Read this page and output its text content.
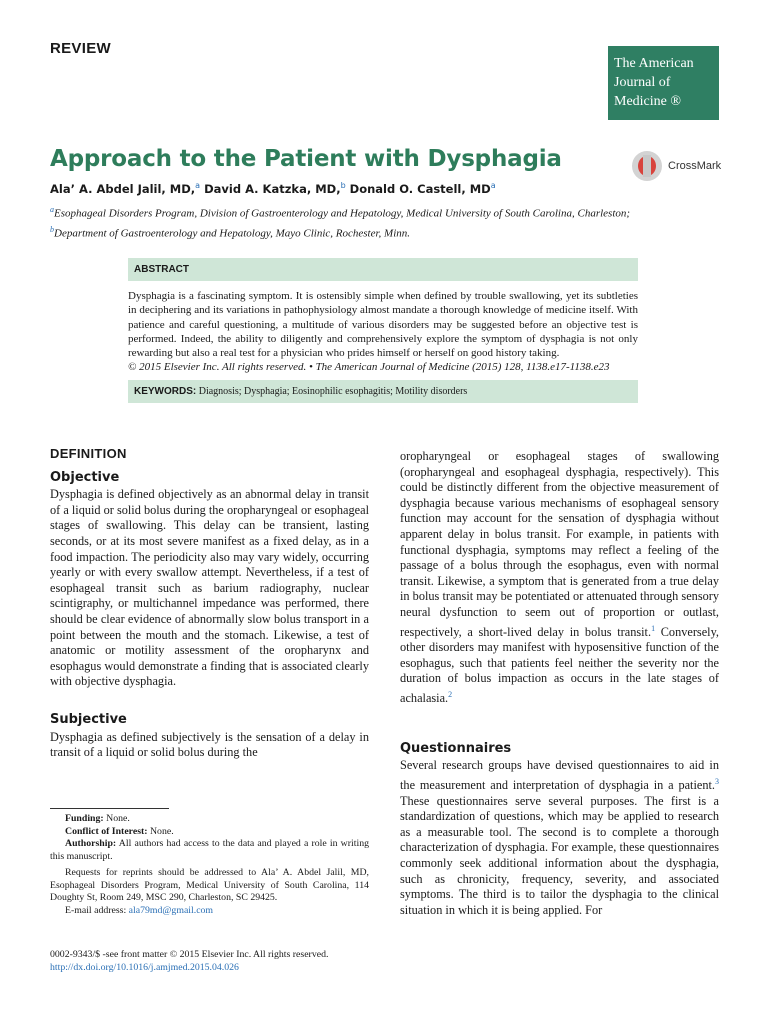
REVIEW
The American
Journal of
Medicine ®
Approach to the Patient with Dysphagia	CrossMark
Ala’ A. Abdel Jalil, MD,$^a$ David A. Katzka, MD,$^b$ Donald O. Castell, $MD^a$
$^a$Esophageal Disorders Program, Division of Gastroenterology and Hepatology, Medical University of South Carolina, Charleston;
$^b$Department of Gastroenterology and Hepatology, Mayo Clinic, Rochester, Minn.
ABSTRACT
Dysphagia is a fascinating symptom. It is ostensibly simple when defined by trouble swallowing, yet its subtleties in deciphering and its variations in pathophysiology almost mandate a thorough knowledge of medicine itself. With patience and careful questioning, a multitude of various disorders may be suggested before an objective test is performed. Indeed, the ability to diligently and comprehensively explore the symptom of dysphagia is not only rewarding but also a real test for a physician who prides himself or herself on good history taking.
© 2015 Elsevier Inc. All rights reserved. • The American Journal of Medicine (2015) 128, 1138.e17-1138.e23
KEYWORDS: Diagnosis; Dysphagia; Eosinophilic esophagitis; Motility disorders
DEFINITION
Objective

Dysphagia is defined objectively as an abnormal delay in transit of a liquid or solid bolus during the oropharyngeal or esophageal stages of swallowing. This delay can be transient, lasting seconds, or at its most severe manifest as a fixed delay, as in a food impaction. The periodicity also may vary widely, occurring yearly or with every swallow attempt. Nevertheless, if a test of esophageal transit such as barium radiography, nuclear scintigraphy, or multichannel impedance was performed, there should be clear evidence of abnormally slow bolus transport in a point between the mouth and the stomach. Likewise, a test of anatomic or motility assessment of the oropharynx and esophagus would demonstrate a finding that is associated clearly with objective dysphagia.

Subjective

Dysphagia as defined subjectively is the sensation of a delay in transit of a liquid or solid bolus during the

oropharyngeal or esophageal stages of swallowing (oropharyngeal and esophageal dysphagia, respectively). This could be distinctly different from the objective measurement of dysphagia because various mechanisms of esophageal sensory function may account for the sensation of dysphagia without apparent delay in bolus transit. For example, in patients with functional dysphagia, symptoms may reflect a feeling of the passage of a bolus through the esophagus, even with normal transit. Likewise, a symptom that is generated from a true delay in bolus transit may be potentiated or attenuated through sensory neural dysfunction to seem out of proportion or outlast, respectively, a short-lived delay in bolus transit.$^1$ Conversely, other disorders may manifest with hyposensitive function of the esophagus, such that patients feel neither the severity nor the duration of bolus impaction as occurs in the late stages of achalasia.$^2$

Questionnaires

Several research groups have devised questionnaires to aid in the measurement and interpretation of dysphagia in a patient.$^3$ These questionnaires serve several purposes. The first is a standardization of questions, which may be applied to research as a measurable tool. The second is to complete a thorough characterization of dysphagia. For example, these questionnaires commonly seek additional information about the dysphagia, such as chronicity, frequency, severity, and associated symptoms. The third is to tailor the dysphagia to the clinical situation in which it is being applied. For

Funding: None.

Conflict of Interest: None.

Authorship: All authors had access to the data and played a role in writing this manuscript.

Requests for reprints should be addressed to Ala’ A. Abdel Jalil, MD, Esophageal Disorders Program, Medical University of South Carolina, 114 Doughty St, Room 249, MSC 290, Charleston, SC 29425.

E-mail address: ala79md@gmail.com

0002-9343/$ -see front matter © 2015 Elsevier Inc. All rights reserved.
http://dx.doi.org/10.1016/j.amjmed.2015.04.026
